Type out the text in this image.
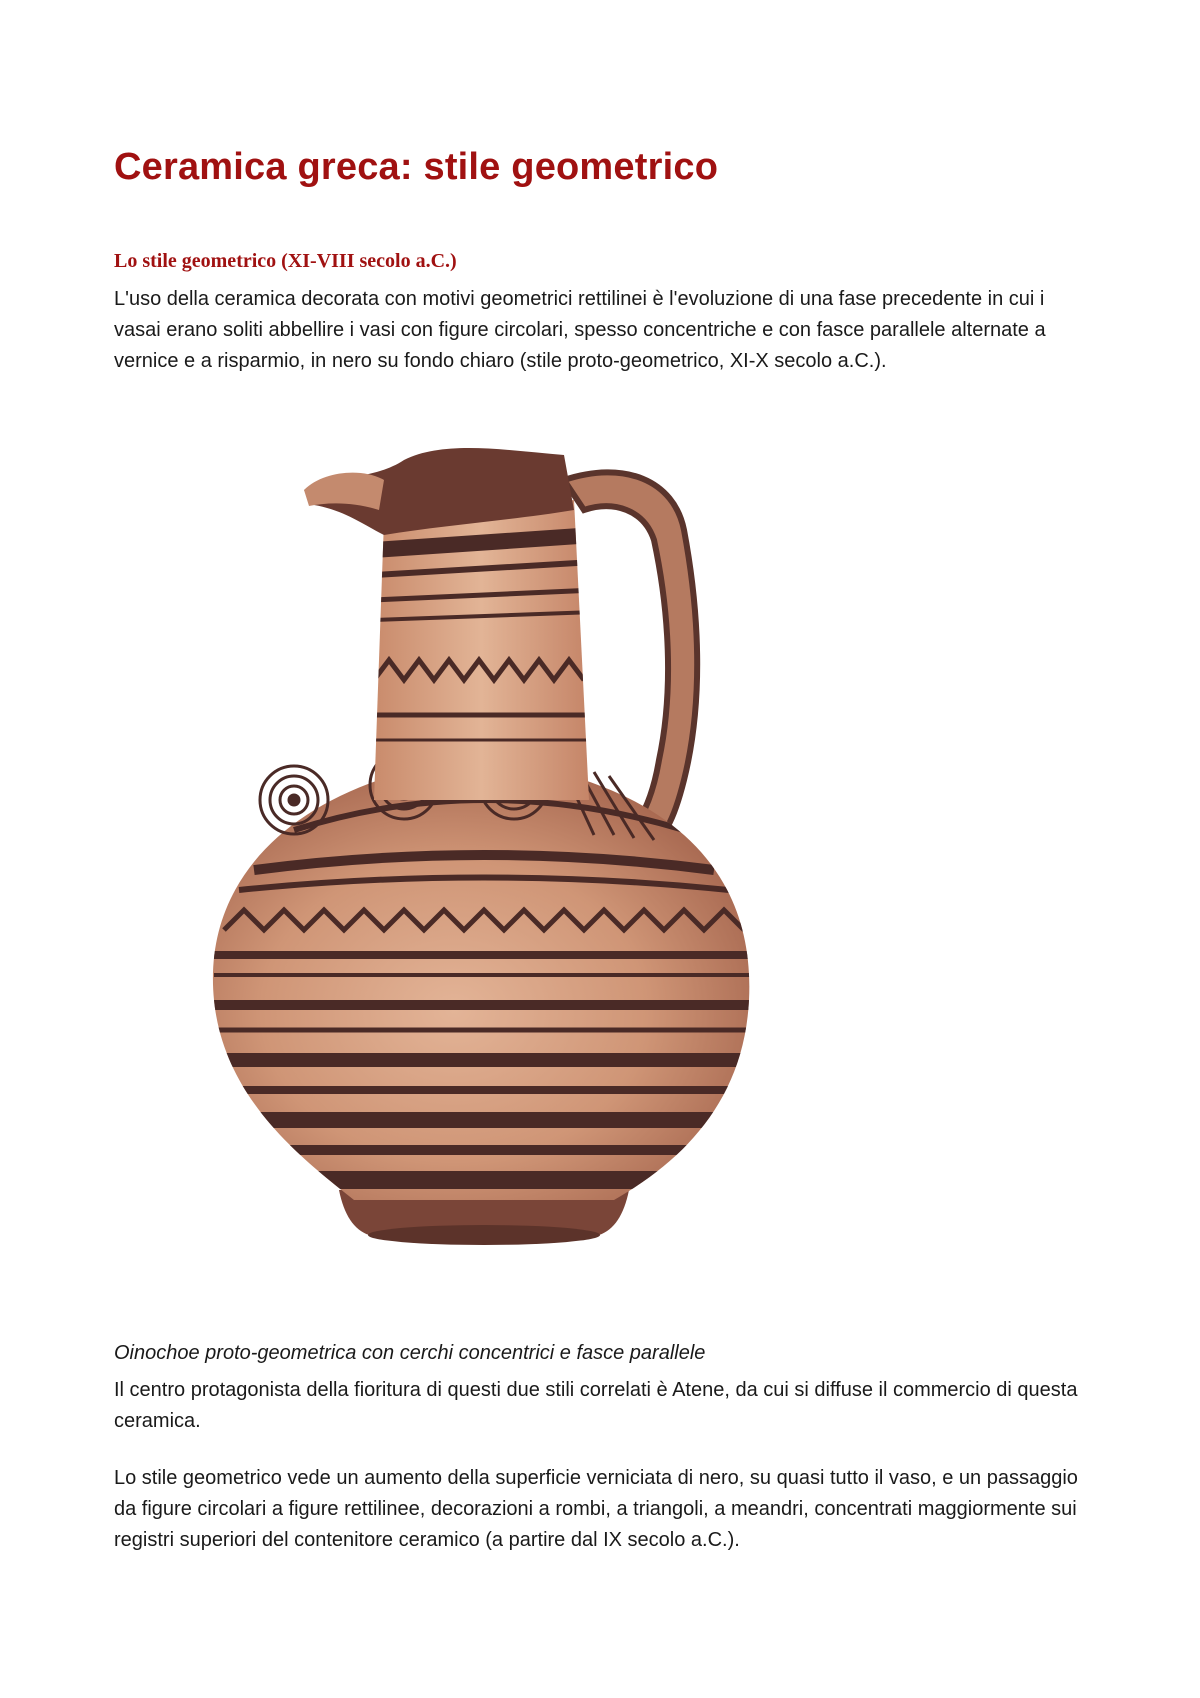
Ceramica greca: stile geometrico
Lo stile geometrico (XI-VIII secolo a.C.)

L'uso della ceramica decorata con motivi geometrici rettilinei è l'evoluzione di una fase precedente in cui i vasai erano soliti abbellire i vasi con figure circolari, spesso concentriche e con fasce parallele alternate a vernice e a risparmio, in nero su fondo chiaro (stile proto-geometrico, XI-X secolo a.C.).

Oinochoe proto-geometrica con cerchi concentrici e fasce parallele

Il centro protagonista della fioritura di questi due stili correlati è Atene, da cui si diffuse il commercio di questa ceramica.

Lo stile geometrico vede un aumento della superficie verniciata di nero, su quasi tutto il vaso, e un passaggio da figure circolari a figure rettilinee, decorazioni a rombi, a triangoli, a meandri, concentrati maggiormente sui registri superiori del contenitore ceramico (a partire dal IX secolo a.C.).
